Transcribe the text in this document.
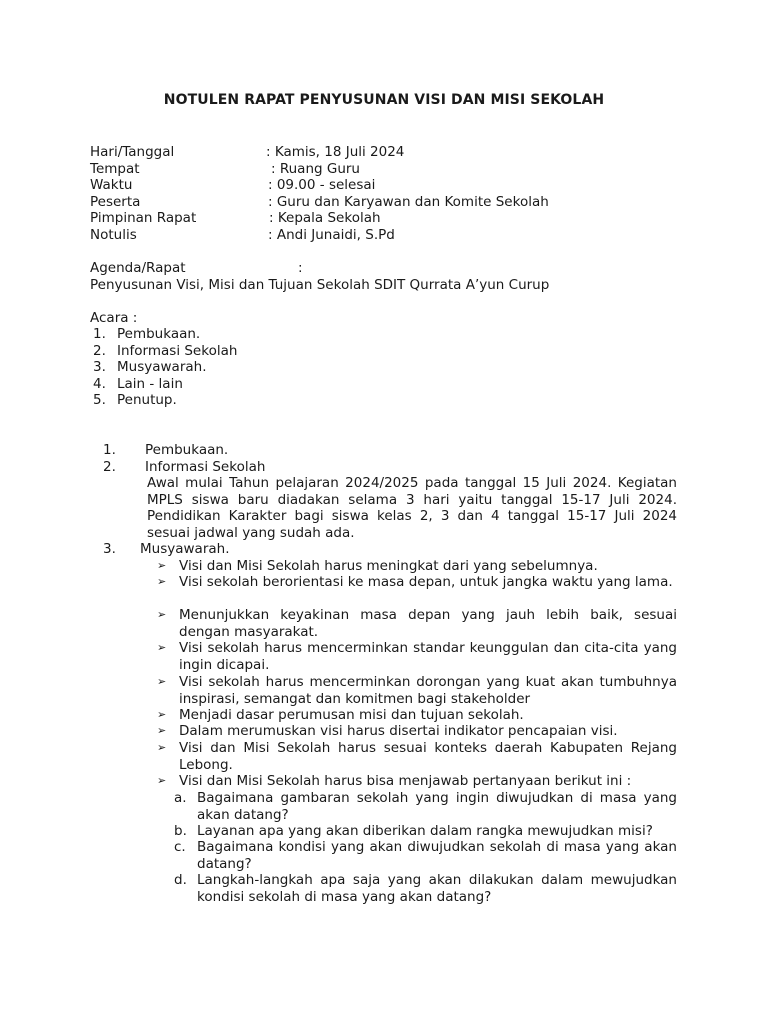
NOTULEN RAPAT PENYUSUNAN VISI DAN MISI SEKOLAH
Hari/Tanggal	: Kamis, 18 Juli 2024
Tempat	: Ruang Guru
Waktu	: 09.00 - selesai
Peserta	: Guru dan Karyawan dan Komite Sekolah
Pimpinan Rapat	: Kepala Sekolah
Notulis	: Andi Junaidi, S.Pd
Agenda/Rapat	:
Penyusunan Visi, Misi dan Tujuan Sekolah SDIT Qurrata A’yun Curup
Acara :
1. Pembukaan.
2. Informasi Sekolah
3. Musyawarah.
4. Lain - lain
5. Penutup.
1. Pembukaan.
2. Informasi Sekolah
Awal mulai Tahun pelajaran 2024/2025 pada tanggal 15 Juli 2024. Kegiatan MPLS siswa baru diadakan selama 3 hari yaitu tanggal 15-17 Juli 2024. Pendidikan Karakter bagi siswa kelas 2, 3 dan 4 tanggal 15-17 Juli 2024 sesuai jadwal yang sudah ada.
3. Musyawarah.
➢ Visi dan Misi Sekolah harus meningkat dari yang sebelumnya.
➢ Visi sekolah berorientasi ke masa depan, untuk jangka waktu yang lama.
➢ Menunjukkan keyakinan masa depan yang jauh lebih baik, sesuai dengan masyarakat.
➢ Visi sekolah harus mencerminkan standar keunggulan dan cita-cita yang ingin dicapai.
➢ Visi sekolah harus mencerminkan dorongan yang kuat akan tumbuhnya inspirasi, semangat dan komitmen bagi stakeholder
➢ Menjadi dasar perumusan misi dan tujuan sekolah.
➢ Dalam merumuskan visi harus disertai indikator pencapaian visi.
➢ Visi dan Misi Sekolah harus sesuai konteks daerah Kabupaten Rejang Lebong.
➢ Visi dan Misi Sekolah harus bisa menjawab pertanyaan berikut ini :
a. Bagaimana gambaran sekolah yang ingin diwujudkan di masa yang akan datang?
b. Layanan apa yang akan diberikan dalam rangka mewujudkan misi?
c. Bagaimana kondisi yang akan diwujudkan sekolah di masa yang akan datang?
d. Langkah-langkah apa saja yang akan dilakukan dalam mewujudkan kondisi sekolah di masa yang akan datang?
